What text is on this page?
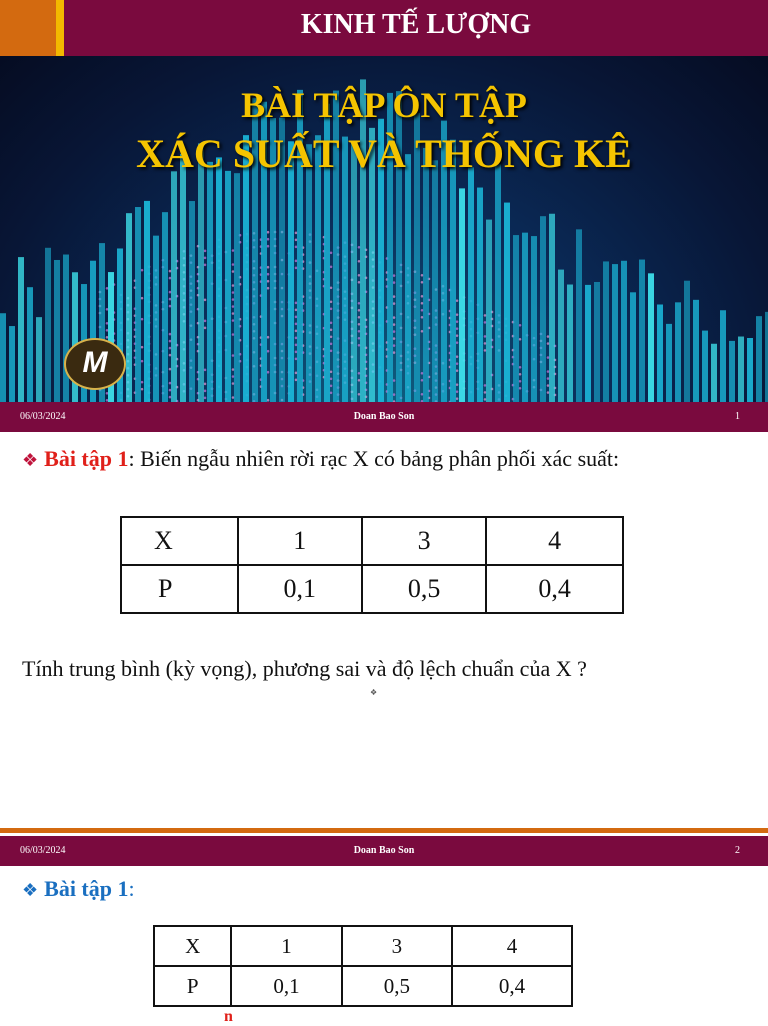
KINH TẾ LƯỢNG
BÀI TẬP ÔN TẬP
XÁC SUẤT VÀ THỐNG KÊ
M
06/03/2024	Doan Bao Son	1
❖ Bài tập 1: Biến ngẫu nhiên rời rạc X có bảng phân phối xác suất:
X	1	3	4
P	0,1	0,5	0,4
Tính trung bình (kỳ vọng), phương sai và độ lệch chuẩn của X ?
❖
06/03/2024	Doan Bao Son	2
❖ Bài tập 1:
X	1	3	4
P	0,1	0,5	0,4
n
